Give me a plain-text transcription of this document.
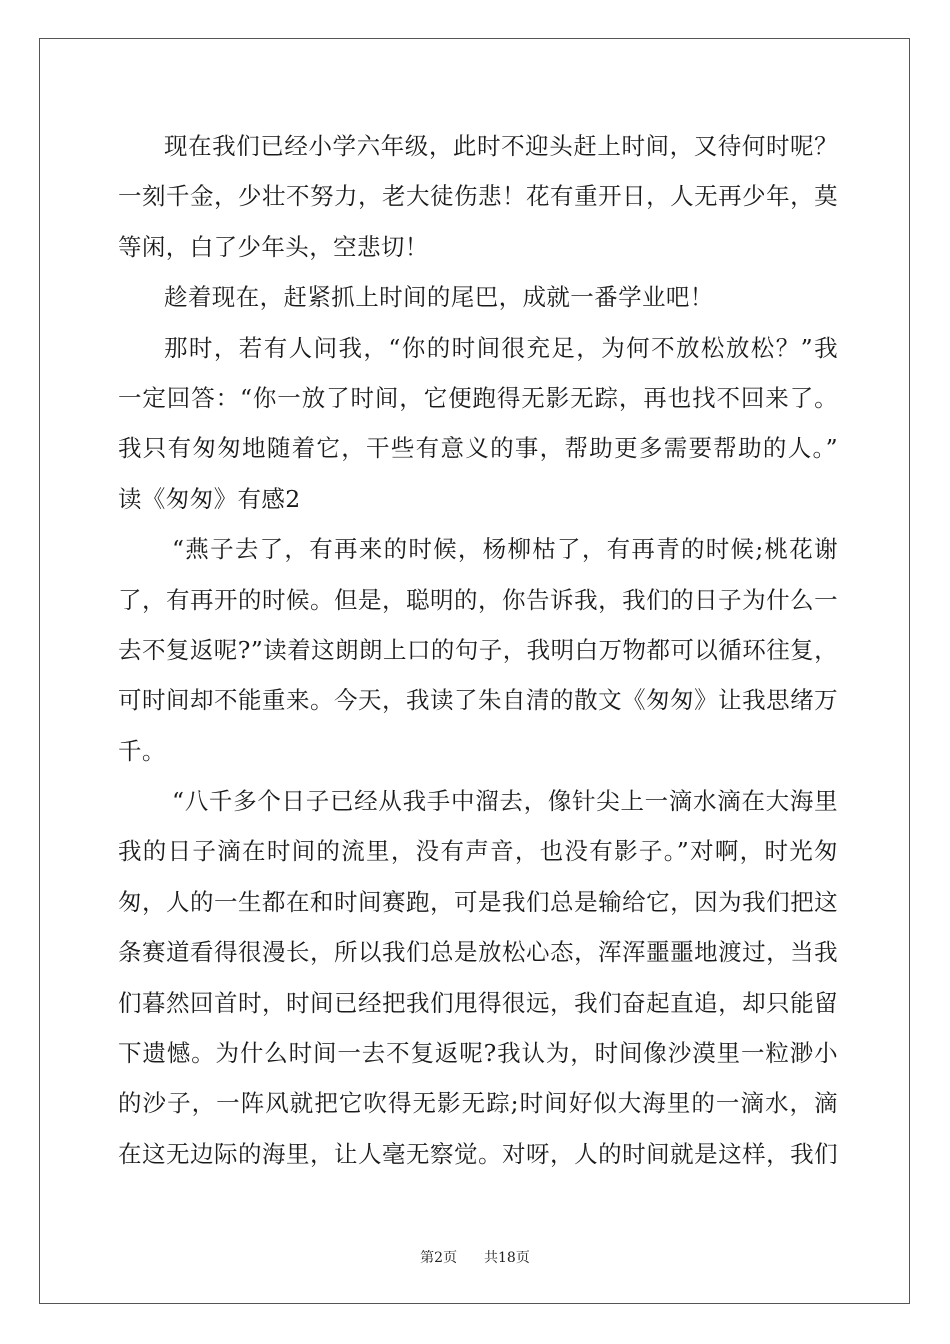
现在我们已经小学六年级，此时不迎头赶上时间，又待何时呢？
一刻千金，少壮不努力，老大徒伤悲！花有重开日，人无再少年，莫
等闲，白了少年头，空悲切！
趁着现在，赶紧抓上时间的尾巴，成就一番学业吧！
那时，若有人问我，“你的时间很充足，为何不放松放松？”我
一定回答：“你一放了时间，它便跑得无影无踪，再也找不回来了。
我只有匆匆地随着它，干些有意义的事，帮助更多需要帮助的人。”
读《匆匆》有感2
“燕子去了，有再来的时候，杨柳枯了，有再青的时候;桃花谢
了，有再开的时候。但是，聪明的，你告诉我，我们的日子为什么一
去不复返呢?”读着这朗朗上口的句子，我明白万物都可以循环往复，
可时间却不能重来。今天，我读了朱自清的散文《匆匆》让我思绪万
千。
“八千多个日子已经从我手中溜去，像针尖上一滴水滴在大海里
我的日子滴在时间的流里，没有声音，也没有影子。”对啊，时光匆
匆，人的一生都在和时间赛跑，可是我们总是输给它，因为我们把这
条赛道看得很漫长，所以我们总是放松心态，浑浑噩噩地渡过，当我
们暮然回首时，时间已经把我们甩得很远，我们奋起直追，却只能留
下遗憾。为什么时间一去不复返呢?我认为，时间像沙漠里一粒渺小
的沙子，一阵风就把它吹得无影无踪;时间好似大海里的一滴水，滴
在这无边际的海里，让人毫无察觉。对呀，人的时间就是这样，我们
第2页 共18页
